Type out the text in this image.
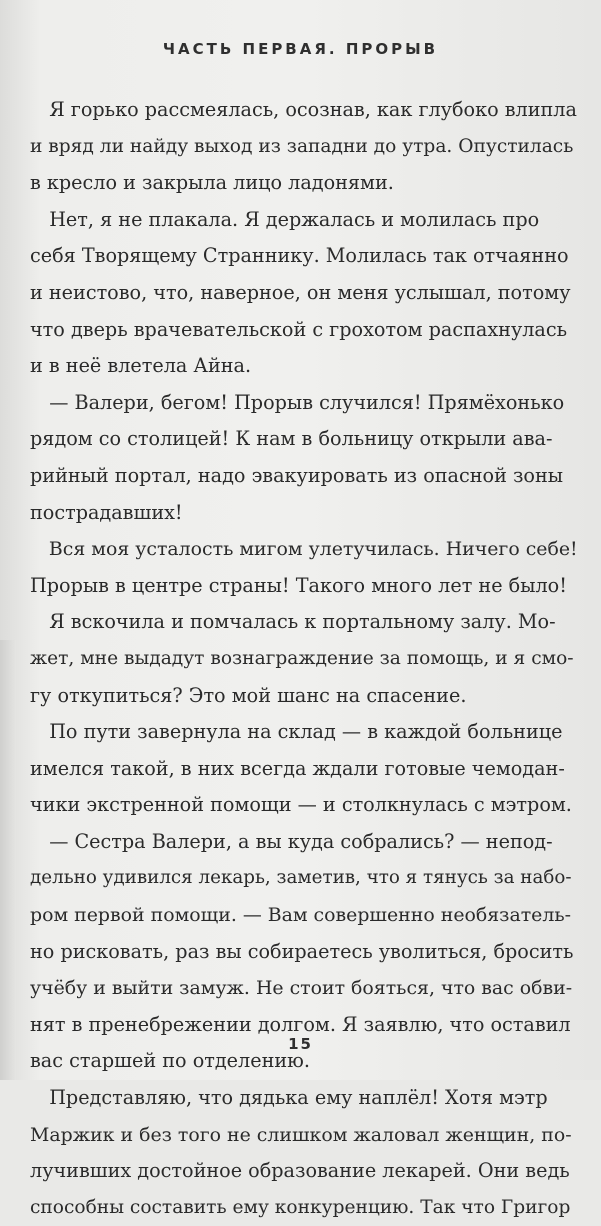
ЧАСТЬ ПЕРВАЯ. ПРОРЫВ
 Я горько рассмеялась, осознав, как глубоко влипла
и вряд ли найду выход из западни до утра. Опустилась
в кресло и закрыла лицо ладонями.
 Нет, я не плакала. Я держалась и молилась про
себя Творящему Страннику. Молилась так отчаянно
и неистово, что, наверное, он меня услышал, потому
что дверь врачевательской с грохотом распахнулась
и в неё влетела Айна.
 — Валери, бегом! Прорыв случился! Прямёхонько
рядом со столицей! К нам в больницу открыли ава-
рийный портал, надо эвакуировать из опасной зоны
пострадавших!
 Вся моя усталость мигом улетучилась. Ничего себе!
Прорыв в центре страны! Такого много лет не было!
 Я вскочила и помчалась к портальному залу. Мо-
жет, мне выдадут вознаграждение за помощь, и я смо-
гу откупиться? Это мой шанс на спасение.
 По пути завернула на склад — в каждой больнице
имелся такой, в них всегда ждали готовые чемодан-
чики экстренной помощи — и столкнулась с мэтром.
 — Сестра Валери, а вы куда собрались? — непод-
дельно удивился лекарь, заметив, что я тянусь за набо-
ром первой помощи. — Вам совершенно необязатель-
но рисковать, раз вы собираетесь уволиться, бросить
учёбу и выйти замуж. Не стоит бояться, что вас обви-
нят в пренебрежении долгом. Я заявлю, что оставил
вас старшей по отделению.
 Представляю, что дядька ему наплёл! Хотя мэтр
Маржик и без того не слишком жаловал женщин, по-
лучивших достойное образование лекарей. Они ведь
способны составить ему конкуренцию. Так что Григор
15
